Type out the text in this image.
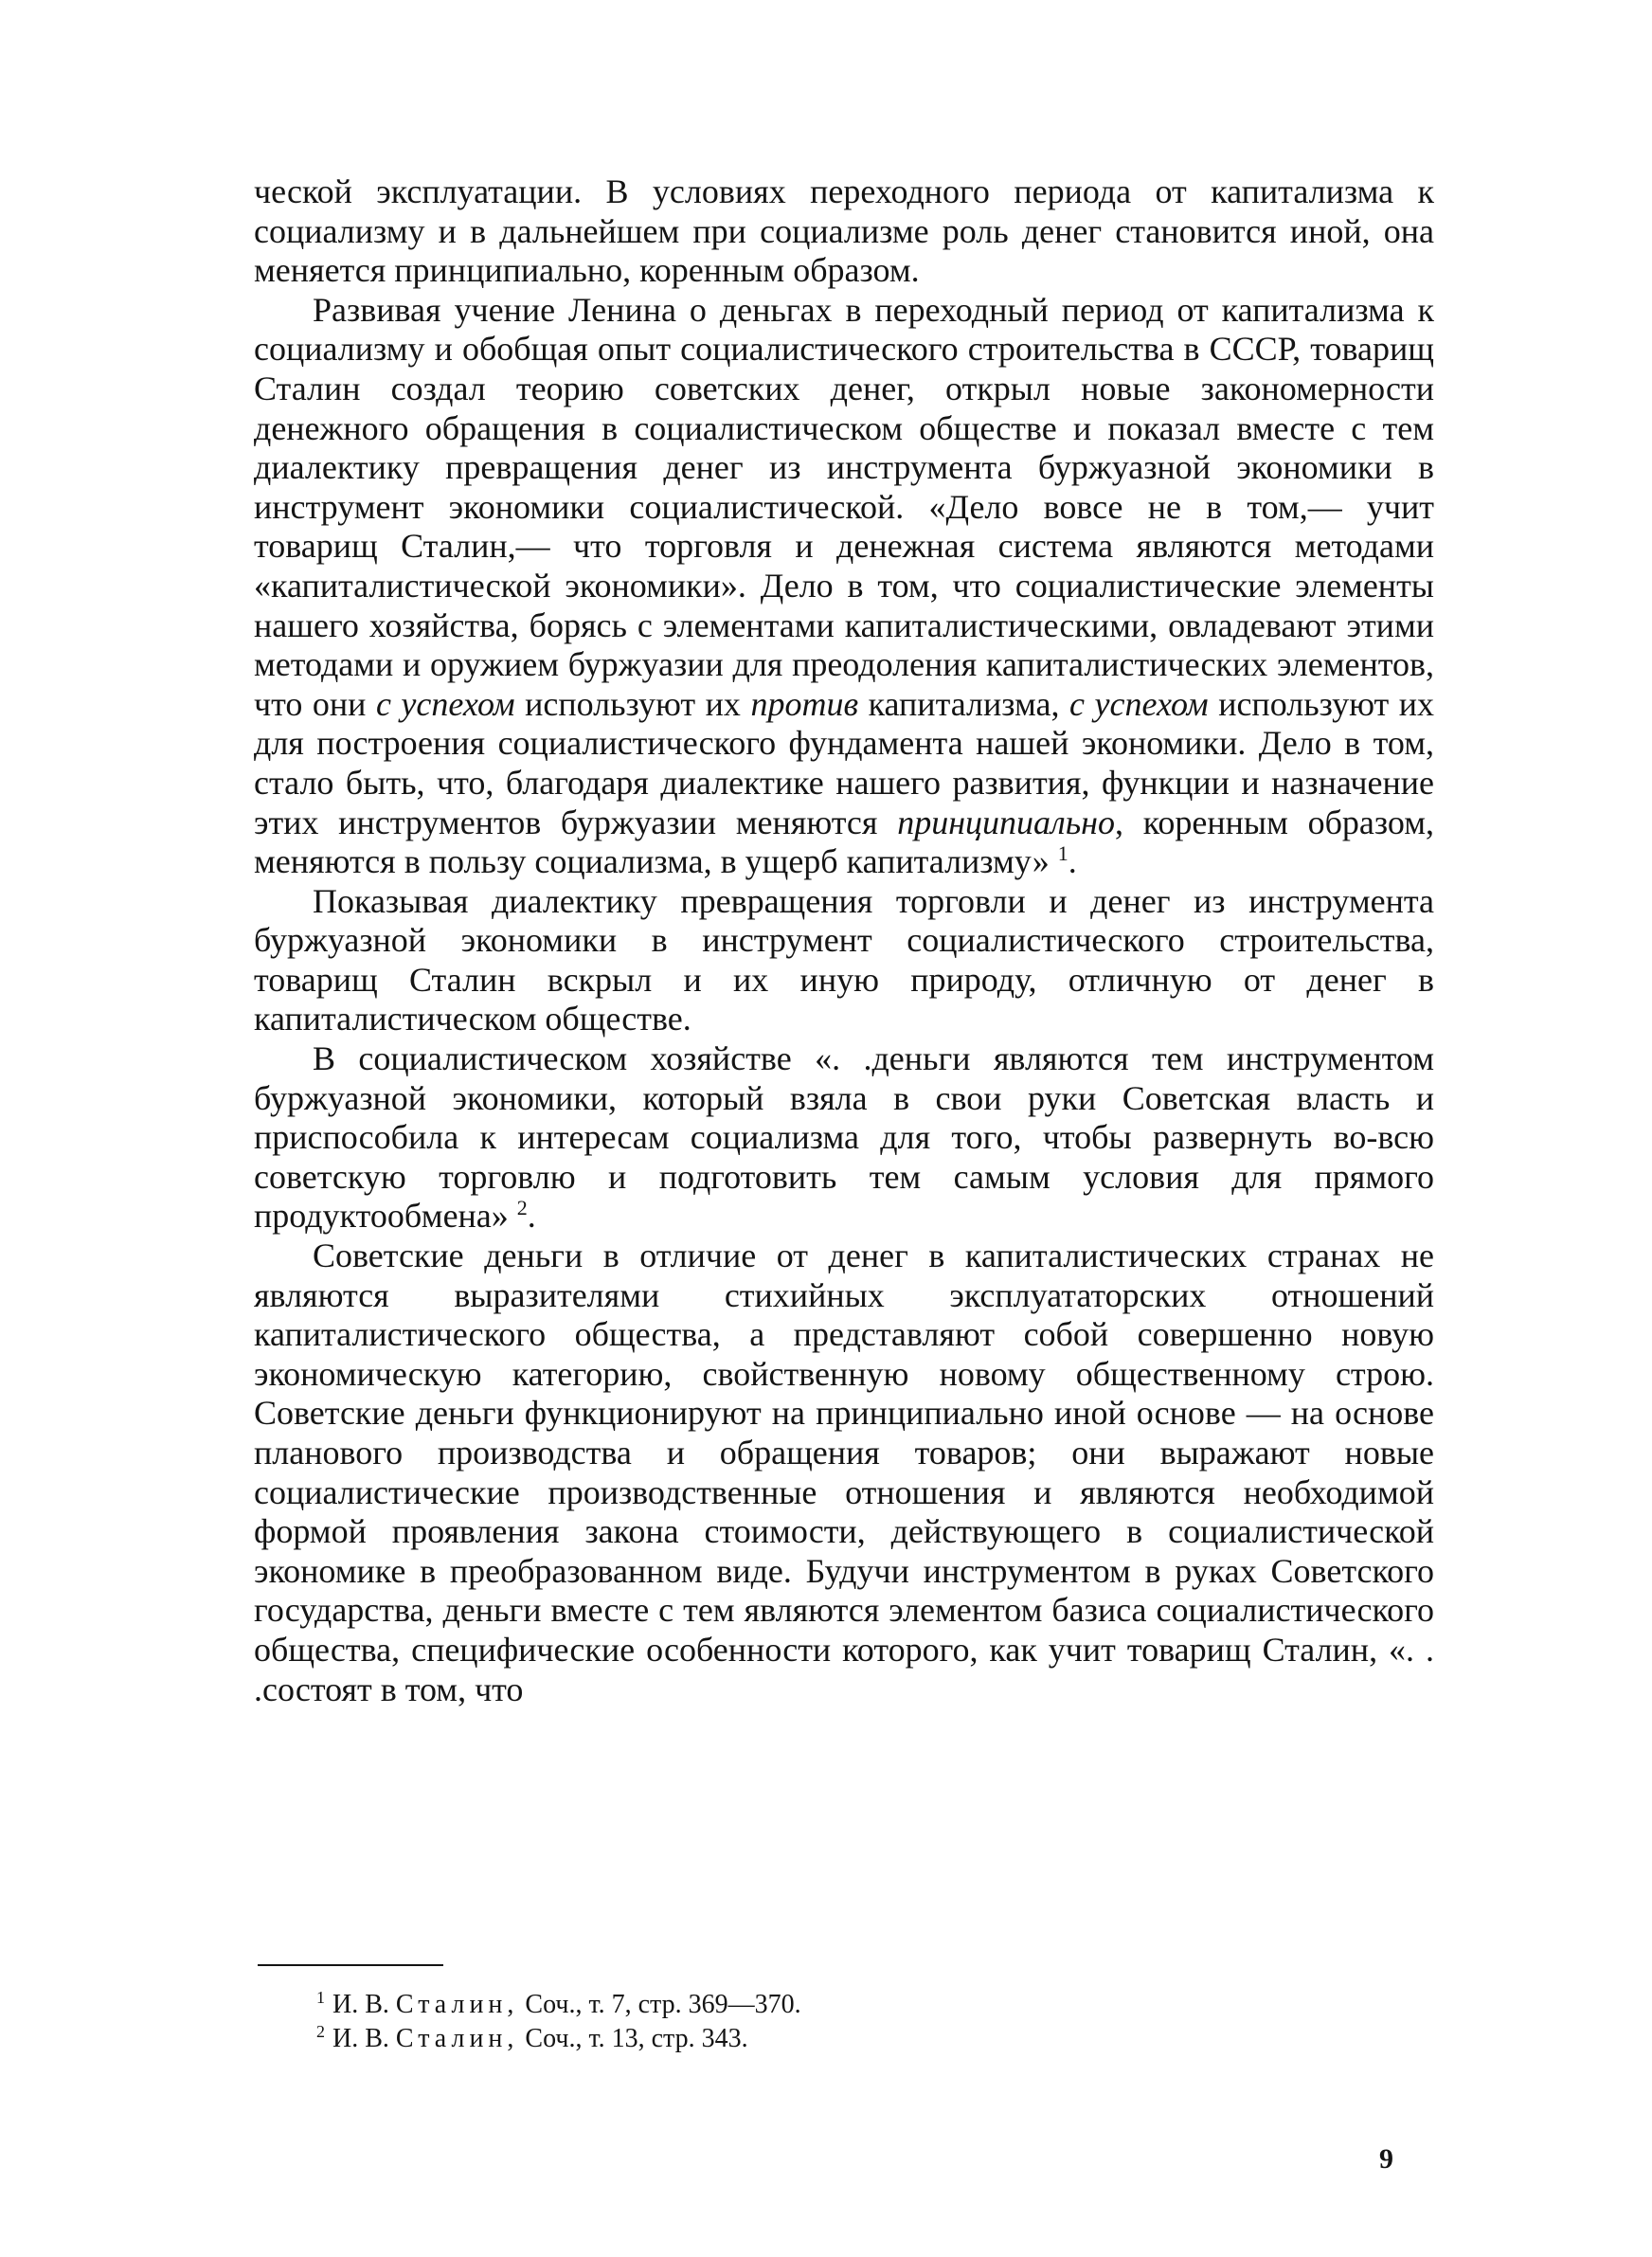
ческой эксплуатации. В условиях переходного периода от капитализма к социализму и в дальнейшем при социализме роль денег становится иной, она меняется принципиально, коренным образом.

Развивая учение Ленина о деньгах в переходный период от капитализма к социализму и обобщая опыт социалистического строительства в СССР, товарищ Сталин создал теорию советских денег, открыл новые закономерности денежного обращения в социалистическом обществе и показал вместе с тем диалектику превращения денег из инструмента буржуазной экономики в инструмент экономики социалистической. «Дело вовсе не в том,— учит товарищ Сталин,— что торговля и денежная система являются методами «капиталистической экономики». Дело в том, что социалистические элементы нашего хозяйства, борясь с элементами капиталистическими, овладевают этими методами и оружием буржуазии для преодоления капиталистических элементов, что они с успехом используют их против капитализма, с успехом используют их для построения социалистического фундамента нашей экономики. Дело в том, стало быть, что, благодаря диалектике нашего развития, функции и назначение этих инструментов буржуазии меняются принципиально, коренным образом, меняются в пользу социализма, в ущерб капитализму» $^1$.

Показывая диалектику превращения торговли и денег из инструмента буржуазной экономики в инструмент социалистического строительства, товарищ Сталин вскрыл и их иную природу, отличную от денег в капиталистическом обществе.

В социалистическом хозяйстве «. .деньги являются тем инструментом буржуазной экономики, который взяла в свои руки Советская власть и приспособила к интересам социализма для того, чтобы развернуть во-всю советскую торговлю и подготовить тем самым условия для прямого продуктообмена» $^2$.

Советские деньги в отличие от денег в капиталистических странах не являются выразителями стихийных эксплуататорских отношений капиталистического общества, а представляют собой совершенно новую экономическую категорию, свойственную новому общественному строю. Советские деньги функционируют на принципиально иной основе — на основе планового производства и обращения товаров; они выражают новые социалистические производственные отношения и являются необходимой формой проявления закона стоимости, действующего в социалистической экономике в преобразованном виде. Будучи инструментом в руках Советского государства, деньги вместе с тем являются элементом базиса социалистического общества, специфические особенности которого, как учит товарищ Сталин, «. . .состоят в том, что

$^1$ И. В. Сталин, Соч., т. 7, стр. 369—370.

$^2$ И. В. Сталин, Соч., т. 13, стр. 343.

9
